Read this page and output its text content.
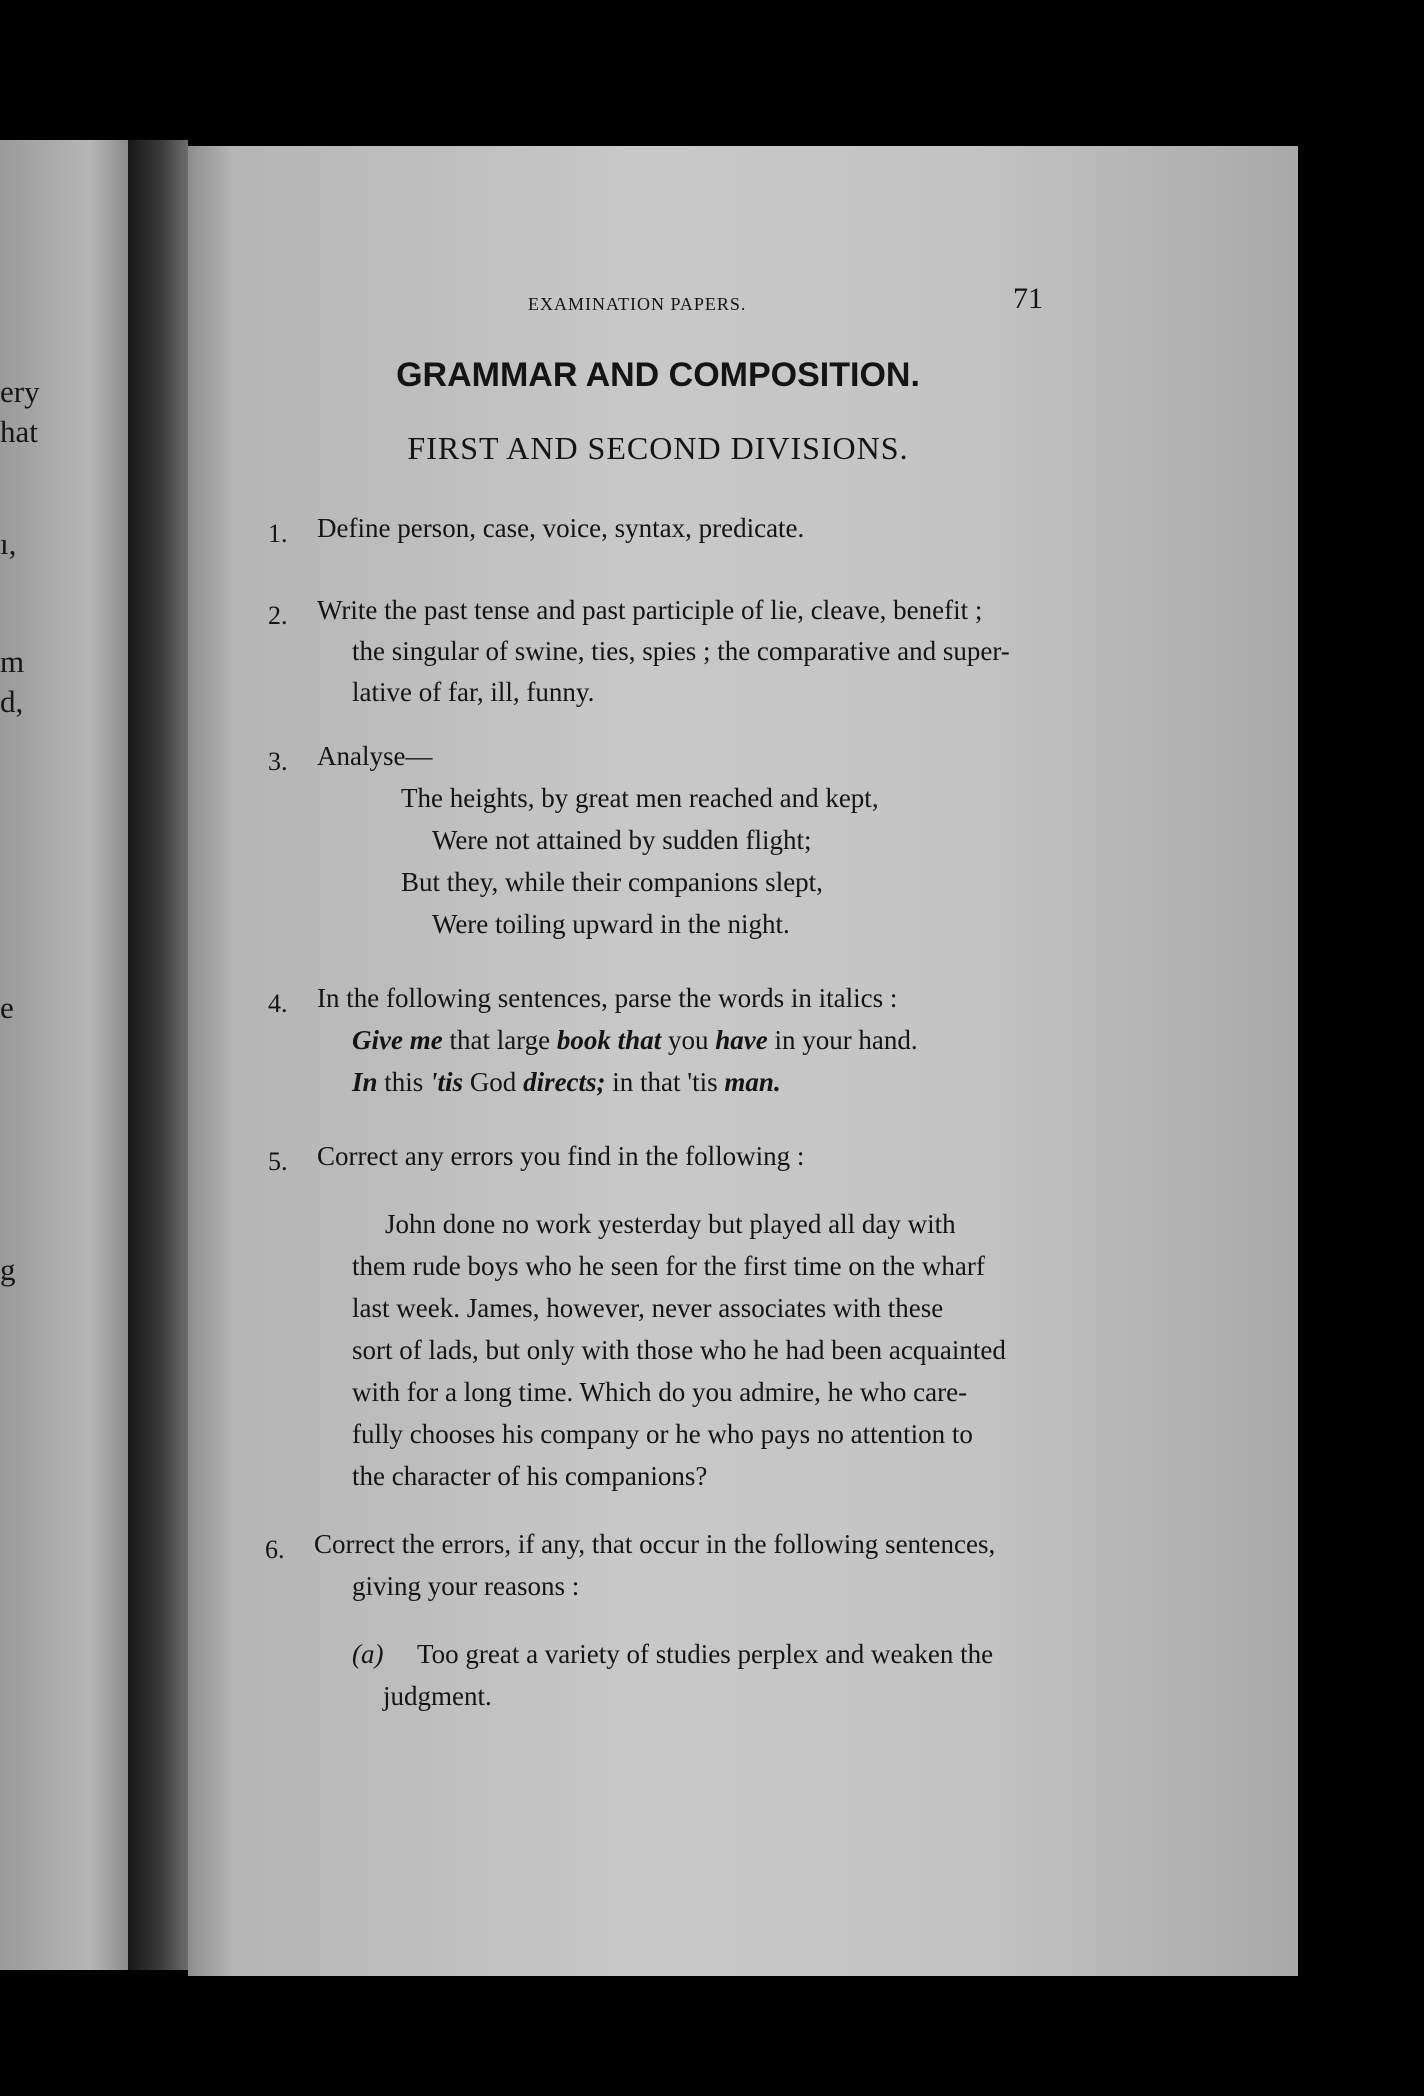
ery
hat
ı,
m
d,
e
g
EXAMINATION PAPERS.	71
GRAMMAR AND COMPOSITION.
FIRST AND SECOND DIVISIONS.
1. Define person, case, voice, syntax, predicate.
2. Write the past tense and past participle of lie, cleave, benefit ;
the singular of swine, ties, spies ; the comparative and super-
lative of far, ill, funny.
3. Analyse—
The heights, by great men reached and kept,
Were not attained by sudden flight;
But they, while their companions slept,
Were toiling upward in the night.
4. In the following sentences, parse the words in italics :
Give me that large book that you have in your hand.
In this 'tis God directs; in that 'tis man.
5. Correct any errors you find in the following :
John done no work yesterday but played all day with
them rude boys who he seen for the first time on the wharf
last week. James, however, never associates with these
sort of lads, but only with those who he had been acquainted
with for a long time. Which do you admire, he who care-
fully chooses his company or he who pays no attention to
the character of his companions?
6. Correct the errors, if any, that occur in the following sentences,
giving your reasons :
(a) Too great a variety of studies perplex and weaken the
judgment.
